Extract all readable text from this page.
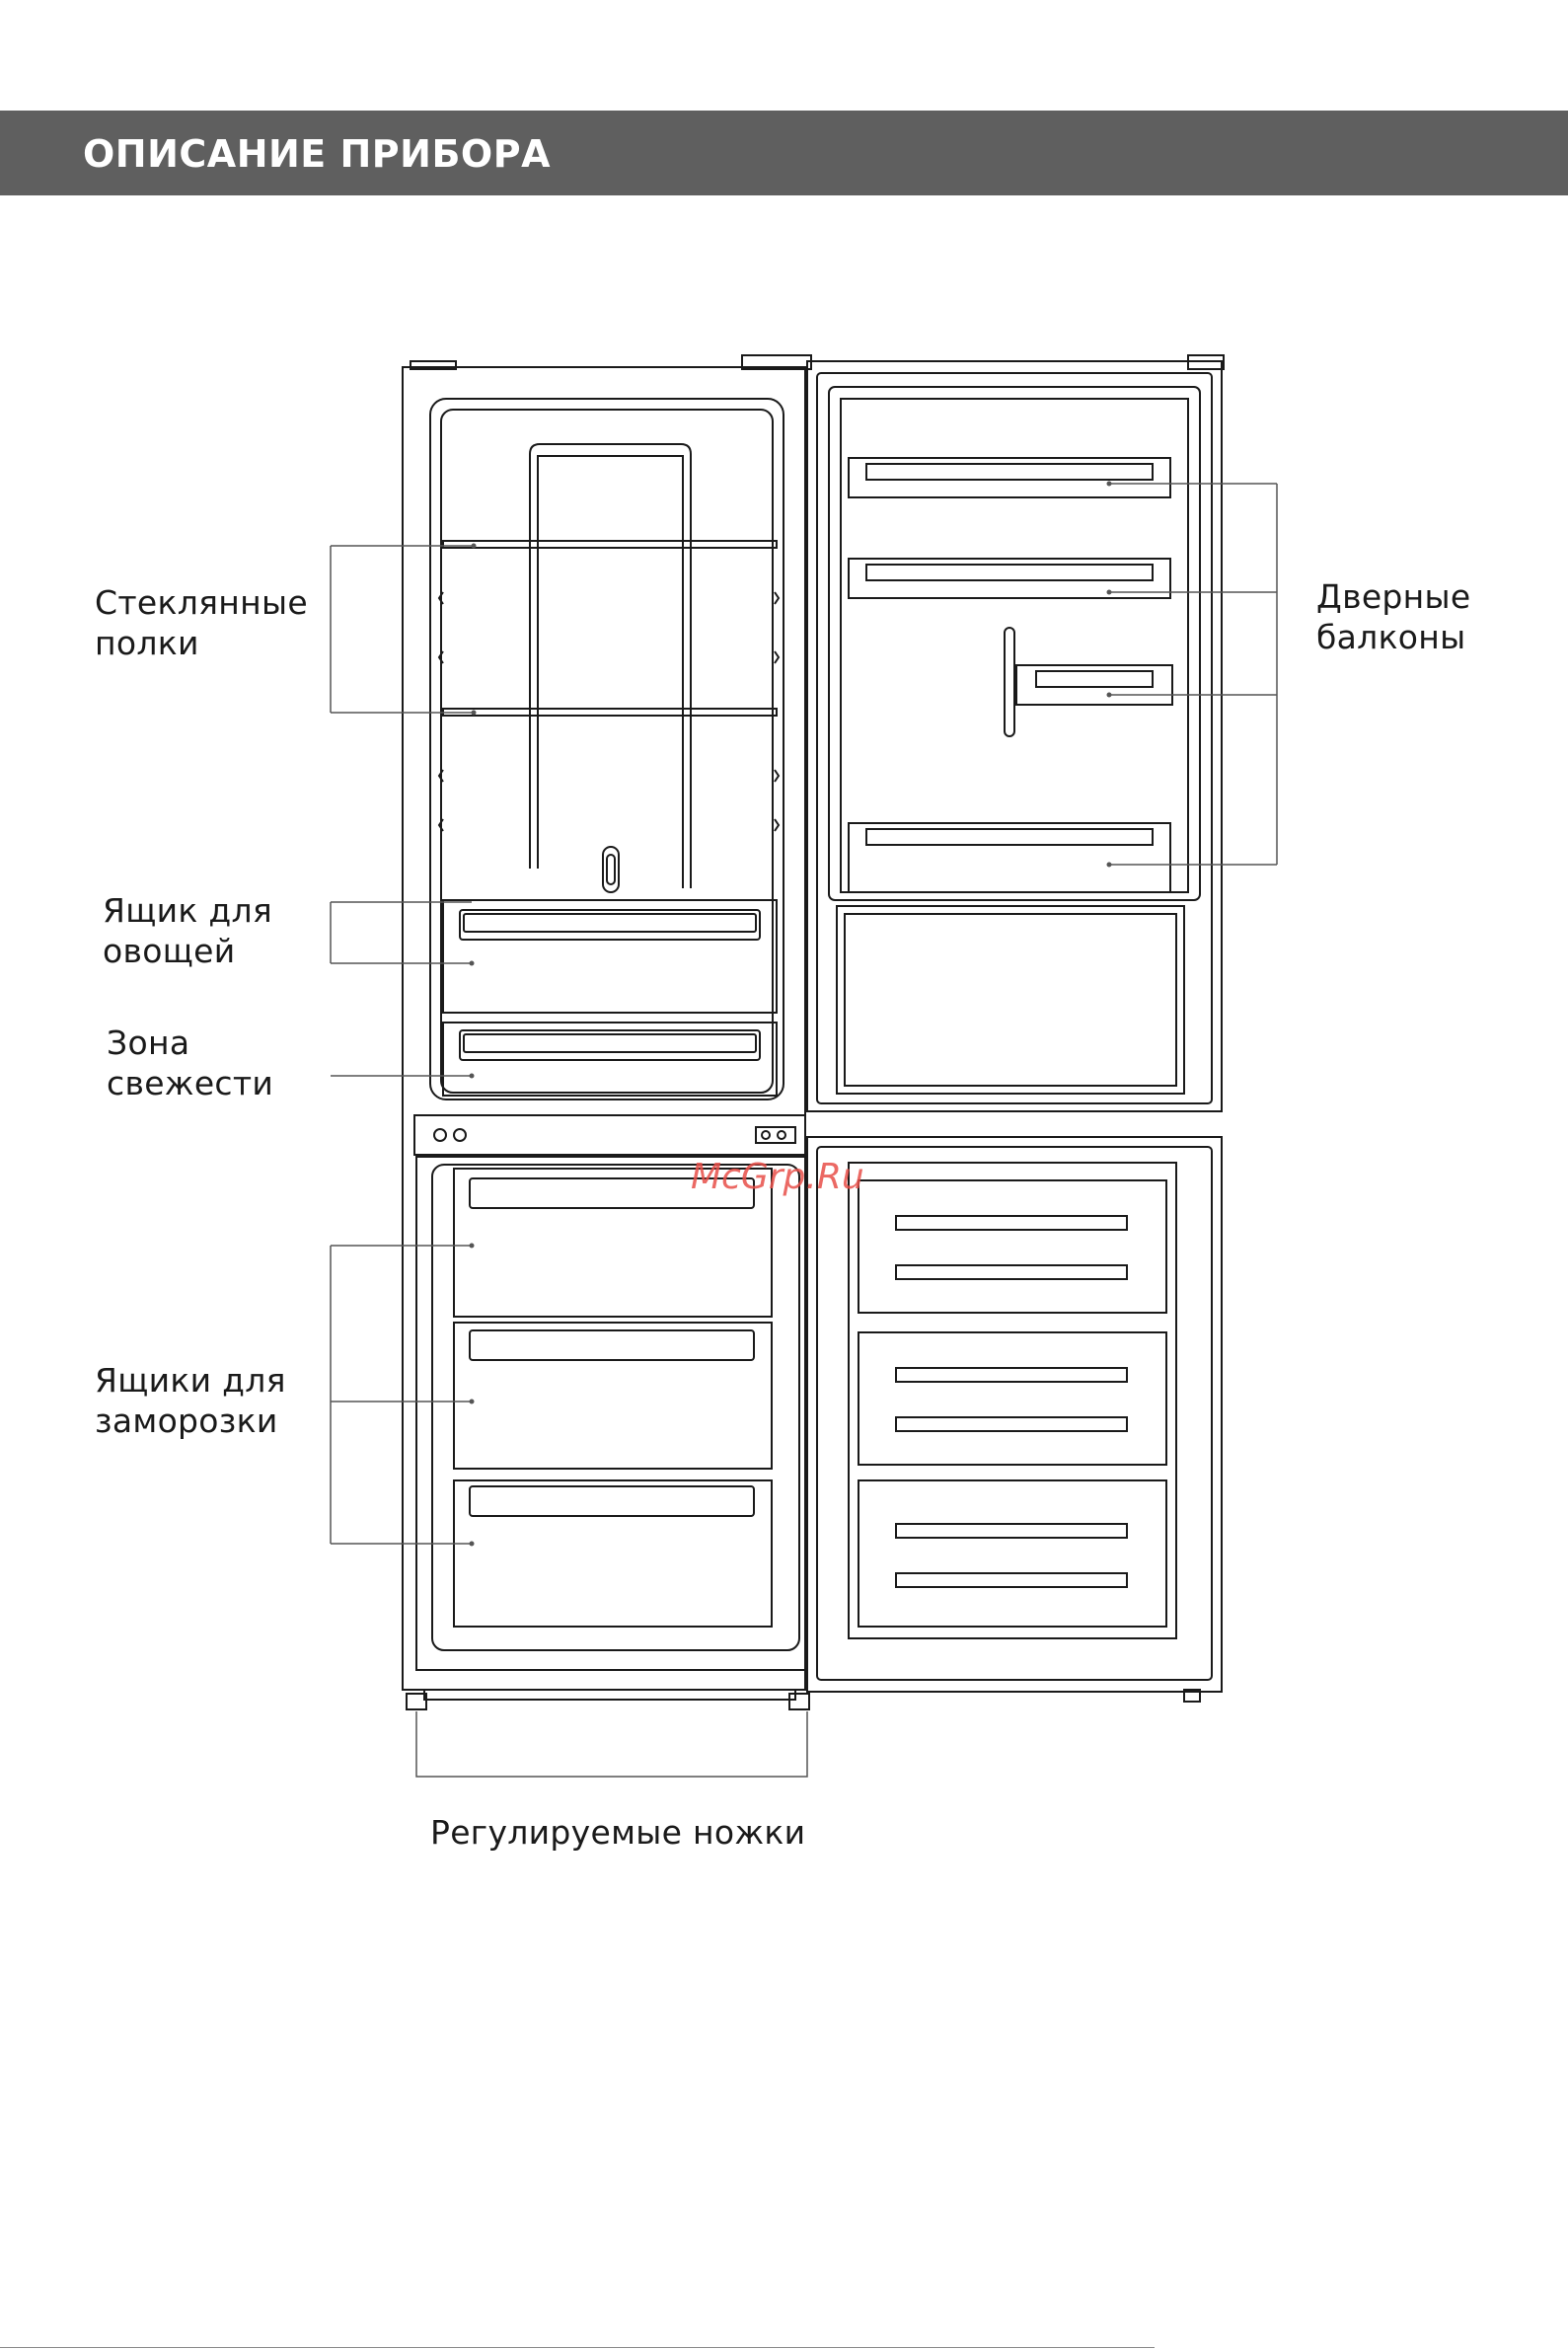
ОПИСАНИЕ ПРИБОРА
Стеклянные
полки
Дверные
балконы
Ящик для
овощей
Зона
свежести
Ящики для
заморозки
Регулируемые ножки
McGrp.Ru
